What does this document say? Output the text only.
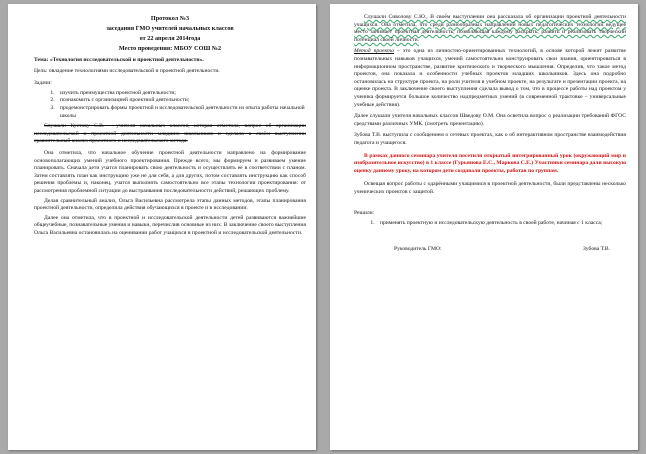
Протокол №3
заседания ГМО учителей начальных классов
от 22 апреля 2014года
Место проведения: МБОУ СОШ №2
Тема: «Технология исследовательской и проектной деятельности».
Цель: овладение технологиями исследовательской и проектной деятельности.
Задачи:
1. изучить преимущества проектной деятельности;
2. познакомить с организацией проектной деятельности;
3. продемонстрировать формы проектной и исследовательской деятельности из опыта работы начальной школы
Слушали Кустову С.В. – учителя начальных классов, которая отметила, вопрос об организации исследовательской и проектной деятельности младших школьников и сделала в своём выступлении сравнительный анализ проектного и исследовательского метода.
Она отметила, что начальное обучение проектной деятельности направлено на формирование основополагающих умений учебного проектирования. Прежде всего, мы формируем и развиваем умение планировать. Сначала дети учатся планировать свою деятельность и осуществлять ее в соответствии с планом. Затем составлять план как инструкцию уже не для себя, а для других, потом составлять инструкцию как способ решения проблемы и, наконец, учатся выполнять самостоятельно все этапы технологии проектирования: от рассмотрения проблемной ситуации до выстраивания последовательности действий, решающих проблему.
Делая сравнительный анализ, Ольга Васильевна рассмотрела этапы данных методов, этапы планирования проектной деятельности, определила действия обучающихся в проекте и в исследовании.
Далее она отметила, что в проектной и исследовательской деятельности детей развиваются важнейшие общеучебные, познавательные умения и навыки, перечислив основные из них. В заключение своего выступления Ольга Васильевна остановилась на оценивании работ учащихся в проектной и исследовательской деятельности.
Слушали Сиволову С.Ю., В своём выступлении она рассказала об организации проектной деятельности учащихся. Она отметила, что среди разнообразных направлений новых педагогических технологий ведущее место занимает проектная деятельность, позволяющая каждому раскрыть, развить и реализовать творческий потенциал своей личности.
Метод проекта – это одна из личностно-ориентированных технологий, в основе которой лежит развитие познавательных навыков учащихся, умений самостоятельно конструировать свои знания, ориентироваться в информационном пространстве, развитие критического и творческого мышления. Определив, что такое метод проектов, она показала и особенности учебных проектов младших школьников. Здесь она подробно остановилась на структуре проекта, на роли учителя в учебном проекте, на результате и презентации проекта, на оценке проекта. В заключение своего выступления сделала вывод о том, что в процессе работы над проектом у ученика формируется большое количество надпредметных умений (в современной трактовке – универсальные учебные действия).
Далее слушали учителя начальных классов Шведову О.М. Она осветила вопрос о реализации требований ФГОС средствами различных УМК. (смотреть презентацию).
Зубова Т.В. выступила с сообщением о сетевых проектах, как о об интерактивном пространстве взаимодействия педагога и учащегося.
В рамках данного семинара учителя посетили открытый интегрированный урок (окружающий мир и изобразительное искусство) в 1 классе (Гурьянова Е.С., Маркова С.Е.) Участники семинара дали высокую оценку данному уроку, на котором дети создавали проекты, работая по группам.
Освещая вопрос работы с одарёнными учащимися в проектной деятельности, были представлены несколько ученических проектов с защитой.
Решили:
1. применять проектную и исследовательскую деятельность в своей работе, начиная с 1 класса;
Руководитель ГМО:	Зубова Т.В.
